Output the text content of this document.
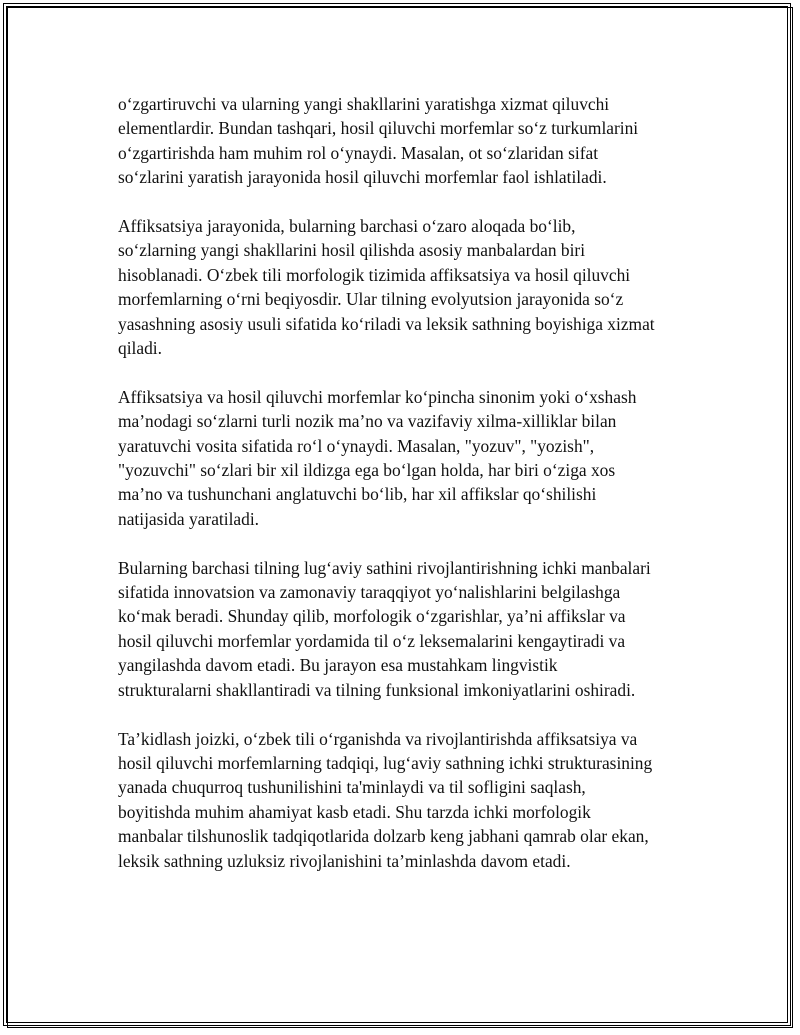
o‘zgartiruvchi va ularning yangi shakllarini yaratishga xizmat qiluvchi
elementlardir. Bundan tashqari, hosil qiluvchi morfemlar so‘z turkumlarini
o‘zgartirishda ham muhim rol o‘ynaydi. Masalan, ot so‘zlaridan sifat
so‘zlarini yaratish jarayonida hosil qiluvchi morfemlar faol ishlatiladi.

Affiksatsiya jarayonida, bularning barchasi o‘zaro aloqada bo‘lib,
so‘zlarning yangi shakllarini hosil qilishda asosiy manbalardan biri
hisoblanadi. O‘zbek tili morfologik tizimida affiksatsiya va hosil qiluvchi
morfemlarning o‘rni beqiyosdir. Ular tilning evolyutsion jarayonida so‘z
yasashning asosiy usuli sifatida ko‘riladi va leksik sathning boyishiga xizmat
qiladi.

Affiksatsiya va hosil qiluvchi morfemlar ko‘pincha sinonim yoki o‘xshash
ma’nodagi so‘zlarni turli nozik ma’no va vazifaviy xilma-xilliklar bilan
yaratuvchi vosita sifatida ro‘l o‘ynaydi. Masalan, "yozuv", "yozish",
"yozuvchi" so‘zlari bir xil ildizga ega bo‘lgan holda, har biri o‘ziga xos
ma’no va tushunchani anglatuvchi bo‘lib, har xil affikslar qo‘shilishi
natijasida yaratiladi.

Bularning barchasi tilning lug‘aviy sathini rivojlantirishning ichki manbalari
sifatida innovatsion va zamonaviy taraqqiyot yo‘nalishlarini belgilashga
ko‘mak beradi. Shunday qilib, morfologik o‘zgarishlar, ya’ni affikslar va
hosil qiluvchi morfemlar yordamida til o‘z leksemalarini kengaytiradi va
yangilashda davom etadi. Bu jarayon esa mustahkam lingvistik
strukturalarni shakllantiradi va tilning funksional imkoniyatlarini oshiradi.

Ta’kidlash joizki, o‘zbek tili o‘rganishda va rivojlantirishda affiksatsiya va
hosil qiluvchi morfemlarning tadqiqi, lug‘aviy sathning ichki strukturasining
yanada chuqurroq tushunilishini ta'minlaydi va til sofligini saqlash,
boyitishda muhim ahamiyat kasb etadi. Shu tarzda ichki morfologik
manbalar tilshunoslik tadqiqotlarida dolzarb keng jabhani qamrab olar ekan,
leksik sathning uzluksiz rivojlanishini ta’minlashda davom etadi.
